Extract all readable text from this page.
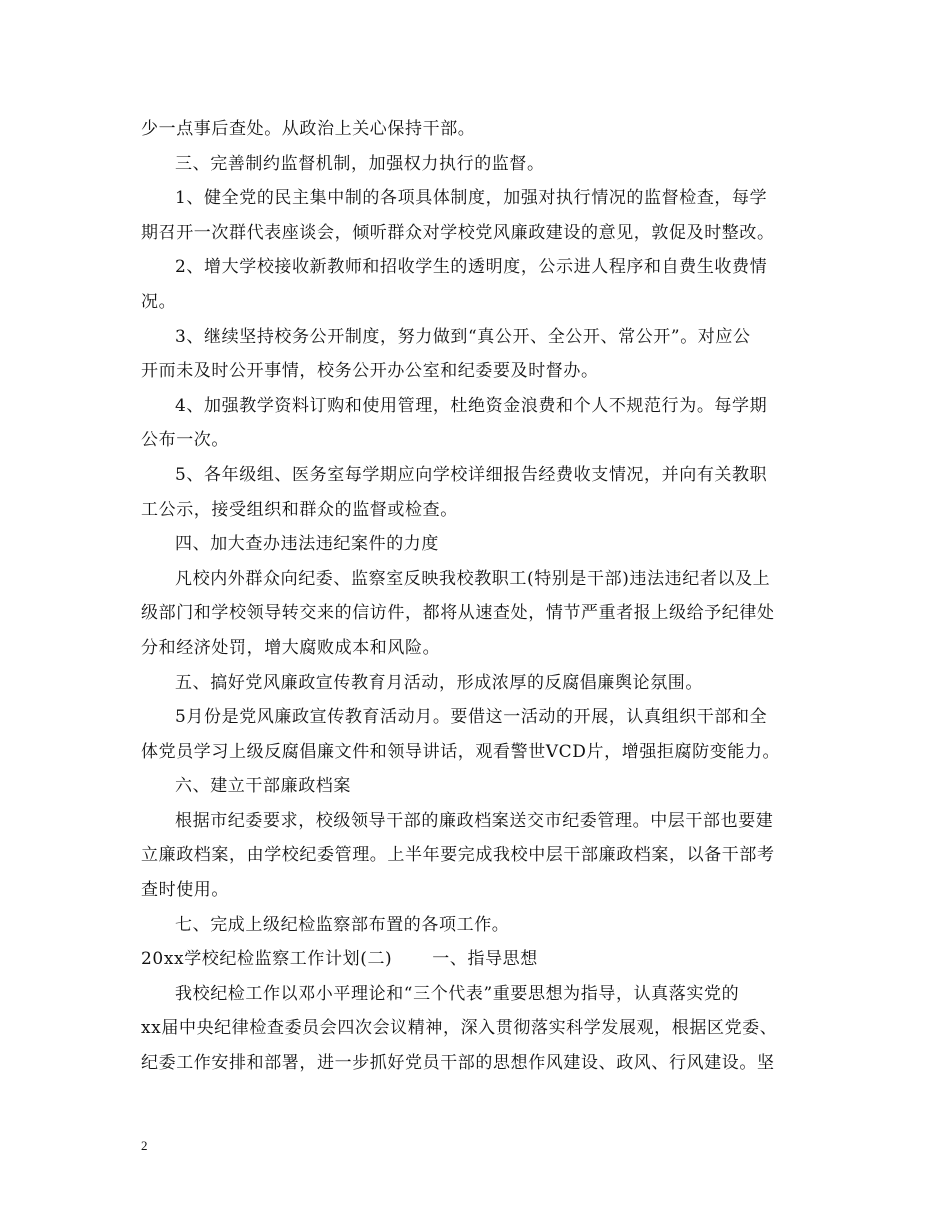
少一点事后查处。从政治上关心保持干部。
三、完善制约监督机制，加强权力执行的监督。
1、健全党的民主集中制的各项具体制度，加强对执行情况的监督检查，每学
期召开一次群代表座谈会，倾听群众对学校党风廉政建设的意见，敦促及时整改。
2、增大学校接收新教师和招收学生的透明度，公示进人程序和自费生收费情
况。
3、继续坚持校务公开制度，努力做到“真公开、全公开、常公开”。对应公
开而未及时公开事情，校务公开办公室和纪委要及时督办。
4、加强教学资料订购和使用管理，杜绝资金浪费和个人不规范行为。每学期
公布一次。
5、各年级组、医务室每学期应向学校详细报告经费收支情况，并向有关教职
工公示，接受组织和群众的监督或检查。
四、加大查办违法违纪案件的力度
凡校内外群众向纪委、监察室反映我校教职工(特别是干部)违法违纪者以及上
级部门和学校领导转交来的信访件，都将从速查处，情节严重者报上级给予纪律处
分和经济处罚，增大腐败成本和风险。
五、搞好党风廉政宣传教育月活动，形成浓厚的反腐倡廉舆论氛围。
5月份是党风廉政宣传教育活动月。要借这一活动的开展，认真组织干部和全
体党员学习上级反腐倡廉文件和领导讲话，观看警世VCD片，增强拒腐防变能力。
六、建立干部廉政档案
根据市纪委要求，校级领导干部的廉政档案送交市纪委管理。中层干部也要建
立廉政档案，由学校纪委管理。上半年要完成我校中层干部廉政档案，以备干部考
查时使用。
七、完成上级纪检监察部布置的各项工作。
20xx学校纪检监察工作计划(二) 一、指导思想
我校纪检工作以邓小平理论和“三个代表”重要思想为指导，认真落实党的
xx届中央纪律检查委员会四次会议精神，深入贯彻落实科学发展观，根据区党委、
纪委工作安排和部署，进一步抓好党员干部的思想作风建设、政风、行风建设。坚
2
